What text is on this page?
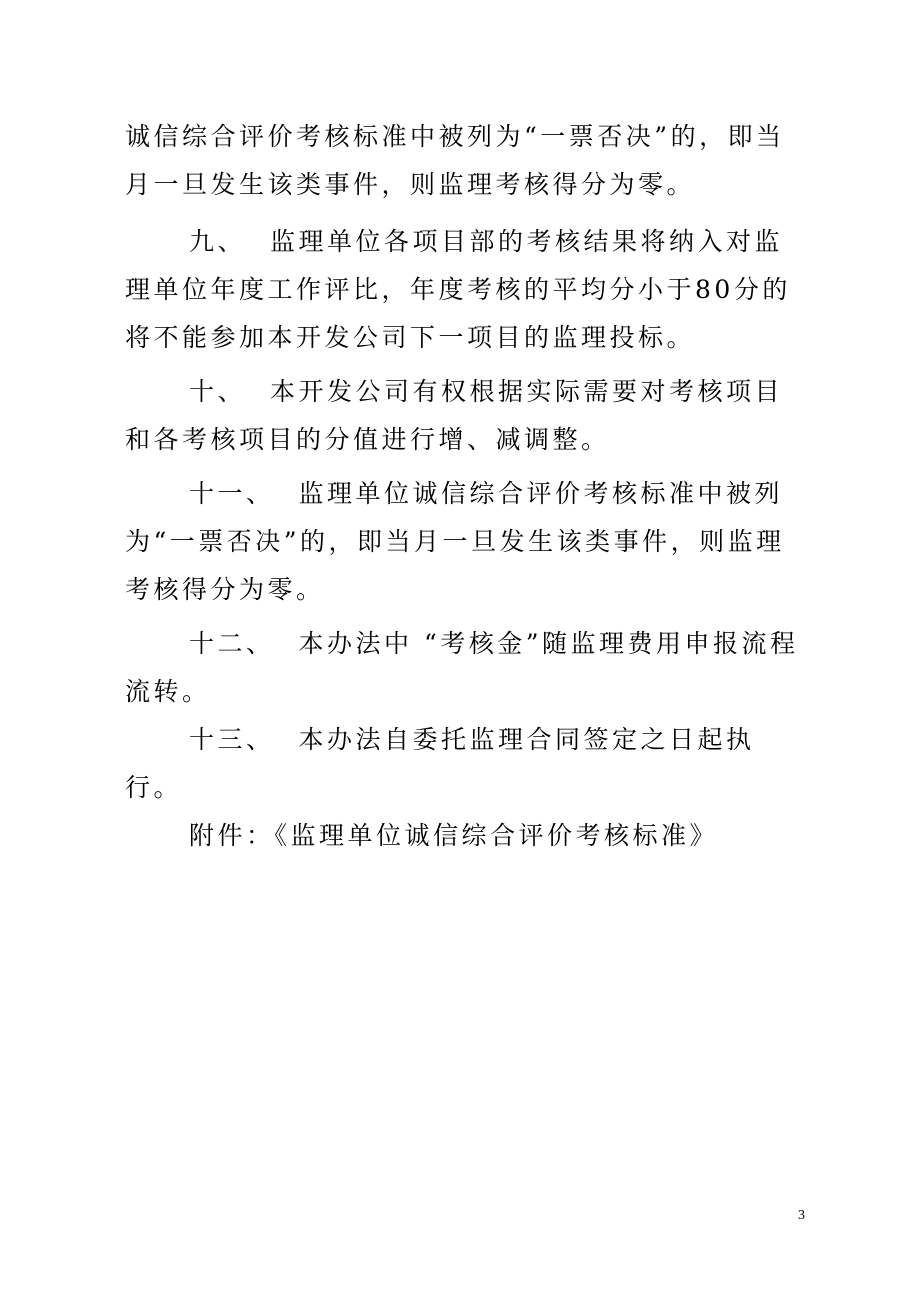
诚信综合评价考核标准中被列为“一票否决”的，即当月一旦发生该类事件，则监理考核得分为零。

九、 监理单位各项目部的考核结果将纳入对监理单位年度工作评比，年度考核的平均分小于80分的将不能参加本开发公司下一项目的监理投标。

十、 本开发公司有权根据实际需要对考核项目和各考核项目的分值进行增、减调整。

十一、 监理单位诚信综合评价考核标准中被列为“一票否决”的，即当月一旦发生该类事件，则监理考核得分为零。

十二、 本办法中 “考核金”随监理费用申报流程流转。

十三、 本办法自委托监理合同签定之日起执行。

附件：《监理单位诚信综合评价考核标准》

3
